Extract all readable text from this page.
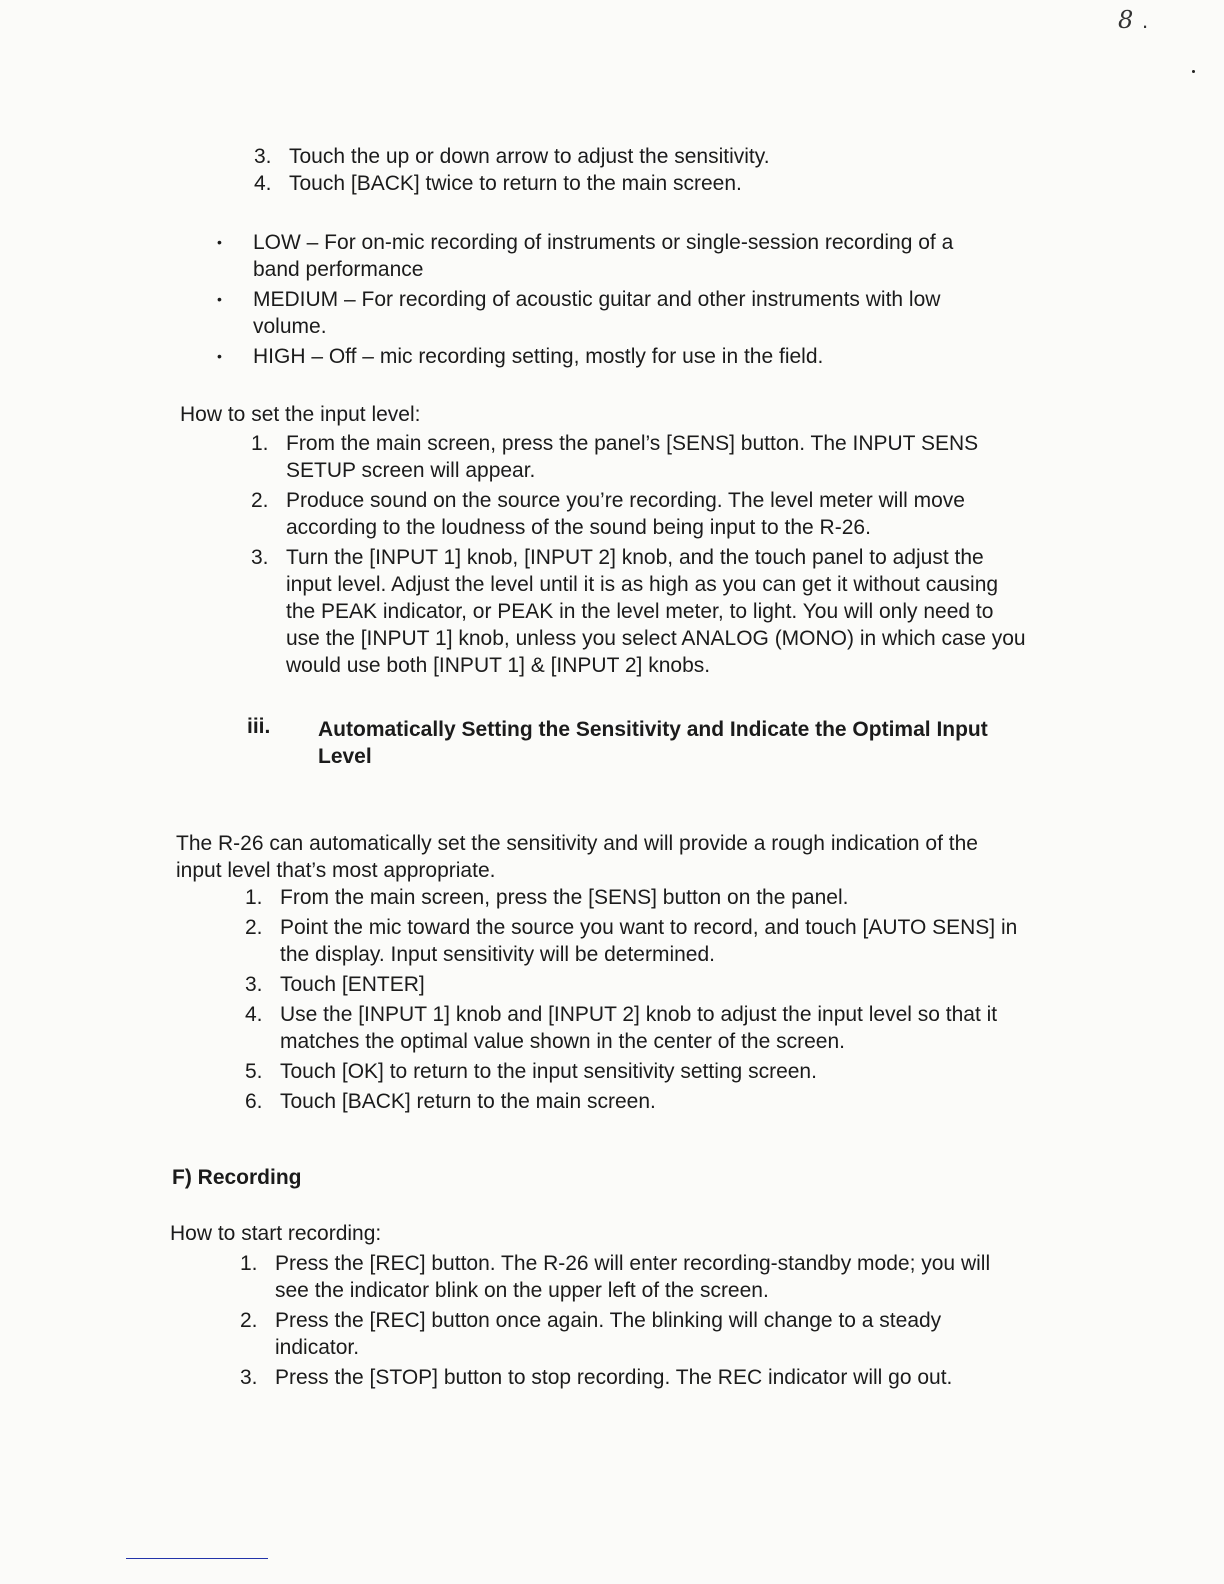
8 .
3. Touch the up or down arrow to adjust the sensitivity.
4. Touch [BACK] twice to return to the main screen.
• LOW – For on-mic recording of instruments or single-session recording of a band performance
• MEDIUM – For recording of acoustic guitar and other instruments with low volume.
• HIGH – Off – mic recording setting, mostly for use in the field.
How to set the input level:
1. From the main screen, press the panel’s [SENS] button. The INPUT SENS SETUP screen will appear.
2. Produce sound on the source you’re recording. The level meter will move according to the loudness of the sound being input to the R-26.
3. Turn the [INPUT 1] knob, [INPUT 2] knob, and the touch panel to adjust the input level. Adjust the level until it is as high as you can get it without causing the PEAK indicator, or PEAK in the level meter, to light. You will only need to use the [INPUT 1] knob, unless you select ANALOG (MONO) in which case you would use both [INPUT 1] & [INPUT 2] knobs.
iii. Automatically Setting the Sensitivity and Indicate the Optimal Input Level
The R-26 can automatically set the sensitivity and will provide a rough indication of the input level that’s most appropriate.
1. From the main screen, press the [SENS] button on the panel.
2. Point the mic toward the source you want to record, and touch [AUTO SENS] in the display. Input sensitivity will be determined.
3. Touch [ENTER]
4. Use the [INPUT 1] knob and [INPUT 2] knob to adjust the input level so that it matches the optimal value shown in the center of the screen.
5. Touch [OK] to return to the input sensitivity setting screen.
6. Touch [BACK] return to the main screen.
F) Recording
How to start recording:
1. Press the [REC] button. The R-26 will enter recording-standby mode; you will see the indicator blink on the upper left of the screen.
2. Press the [REC] button once again. The blinking will change to a steady indicator.
3. Press the [STOP] button to stop recording. The REC indicator will go out.
